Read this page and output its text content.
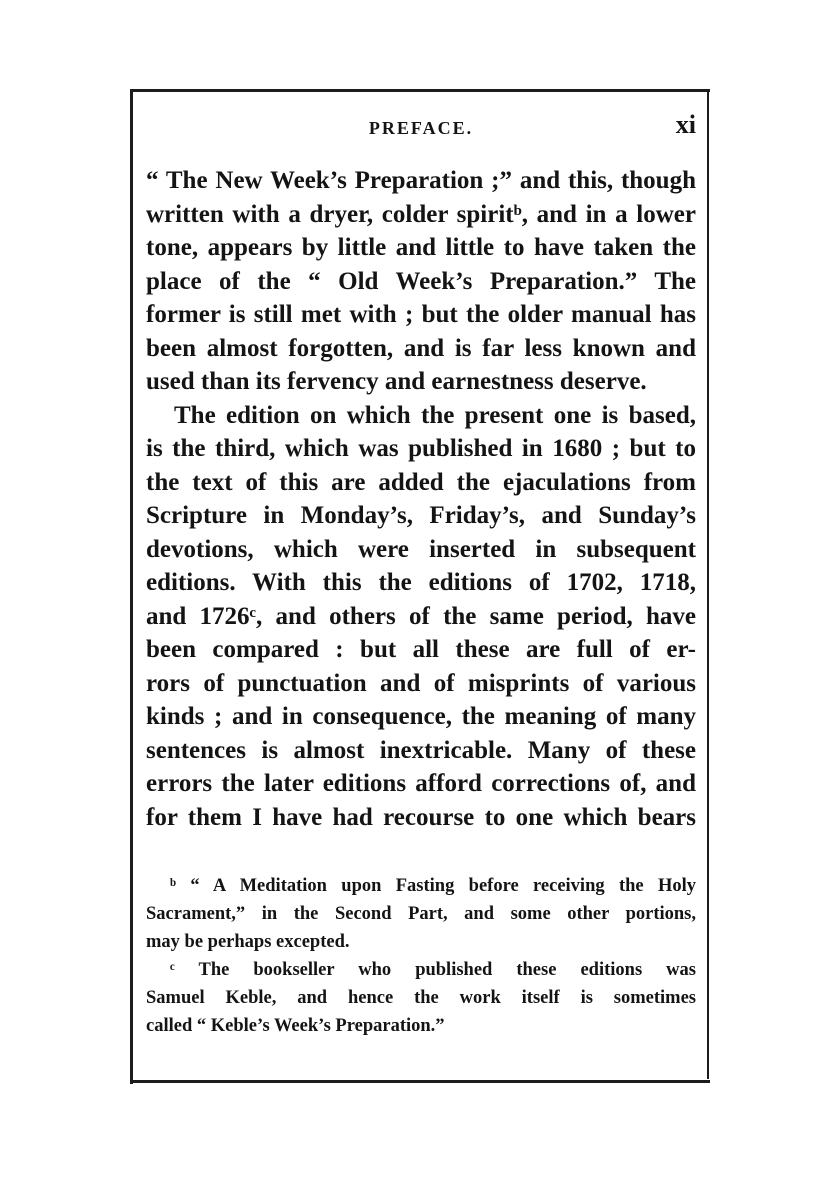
PREFACE.	xi
“ The New Week’s Preparation ;” and this, though
written with a dryer, colder spiritᵇ, and in a lower
tone, appears by little and little to have taken the
place of the “ Old Week’s Preparation.” The
former is still met with ; but the older manual has
been almost forgotten, and is far less known and
used than its fervency and earnestness deserve.
The edition on which the present one is based,
is the third, which was published in 1680 ; but to
the text of this are added the ejaculations from
Scripture in Monday’s, Friday’s, and Sunday’s
devotions, which were inserted in subsequent
editions. With this the editions of 1702, 1718,
and 1726ᶜ, and others of the same period, have
been compared : but all these are full of er-
rors of punctuation and of misprints of various
kinds ; and in consequence, the meaning of many
sentences is almost inextricable. Many of these
errors the later editions afford corrections of, and
for them I have had recourse to one which bears
ᵇ “ A Meditation upon Fasting before receiving the Holy
Sacrament,” in the Second Part, and some other portions,
may be perhaps excepted.
ᶜ The bookseller who published these editions was
Samuel Keble, and hence the work itself is sometimes
called “ Keble’s Week’s Preparation.”
